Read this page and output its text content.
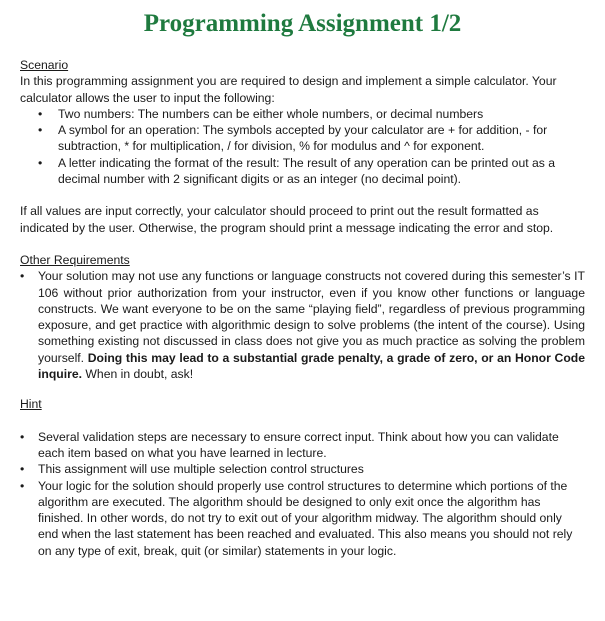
Programming Assignment 1/2

Scenario

In this programming assignment you are required to design and implement a simple calculator. Your calculator allows the user to input the following:

• Two numbers: The numbers can be either whole numbers, or decimal numbers
• A symbol for an operation: The symbols accepted by your calculator are + for addition, - for subtraction, * for multiplication, / for division, % for modulus and ^ for exponent.
• A letter indicating the format of the result: The result of any operation can be printed out as a decimal number with 2 significant digits or as an integer (no decimal point).

If all values are input correctly, your calculator should proceed to print out the result formatted as indicated by the user. Otherwise, the program should print a message indicating the error and stop.

Other Requirements

• Your solution may not use any functions or language constructs not covered during this semester’s IT 106 without prior authorization from your instructor, even if you know other functions or language constructs. We want everyone to be on the same “playing field”, regardless of previous programming exposure, and get practice with algorithmic design to solve problems (the intent of the course). Using something existing not discussed in class does not give you as much practice as solving the problem yourself. Doing this may lead to a substantial grade penalty, a grade of zero, or an Honor Code inquire. When in doubt, ask!

Hint

• Several validation steps are necessary to ensure correct input. Think about how you can validate each item based on what you have learned in lecture.
• This assignment will use multiple selection control structures
• Your logic for the solution should properly use control structures to determine which portions of the algorithm are executed. The algorithm should be designed to only exit once the algorithm has finished. In other words, do not try to exit out of your algorithm midway. The algorithm should only end when the last statement has been reached and evaluated. This also means you should not rely on any type of exit, break, quit (or similar) statements in your logic.
